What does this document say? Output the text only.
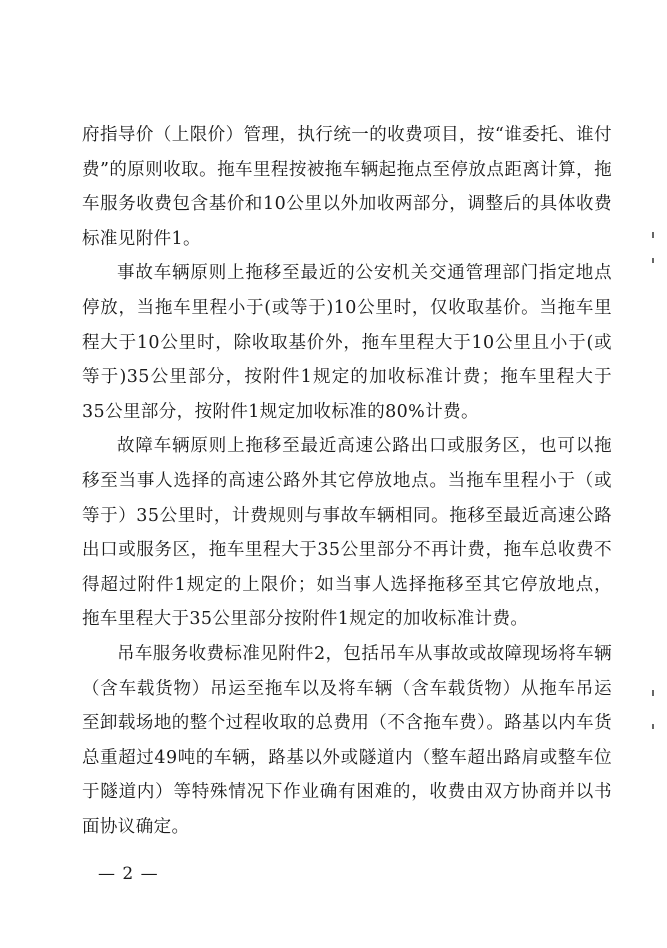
府指导价（上限价）管理，执行统一的收费项目，按“谁委托、谁付费”的原则收取。拖车里程按被拖车辆起拖点至停放点距离计算，拖车服务收费包含基价和10公里以外加收两部分，调整后的具体收费标准见附件1。

事故车辆原则上拖移至最近的公安机关交通管理部门指定地点停放，当拖车里程小于(或等于)10公里时，仅收取基价。当拖车里程大于10公里时，除收取基价外，拖车里程大于10公里且小于(或等于)35公里部分，按附件1规定的加收标准计费；拖车里程大于35公里部分，按附件1规定加收标准的80%计费。

故障车辆原则上拖移至最近高速公路出口或服务区，也可以拖移至当事人选择的高速公路外其它停放地点。当拖车里程小于（或等于）35公里时，计费规则与事故车辆相同。拖移至最近高速公路出口或服务区，拖车里程大于35公里部分不再计费，拖车总收费不得超过附件1规定的上限价；如当事人选择拖移至其它停放地点，拖车里程大于35公里部分按附件1规定的加收标准计费。

吊车服务收费标准见附件2，包括吊车从事故或故障现场将车辆（含车载货物）吊运至拖车以及将车辆（含车载货物）从拖车吊运至卸载场地的整个过程收取的总费用（不含拖车费）。路基以内车货总重超过49吨的车辆，路基以外或隧道内（整车超出路肩或整车位于隧道内）等特殊情况下作业确有困难的，收费由双方协商并以书面协议确定。

— 2 —
